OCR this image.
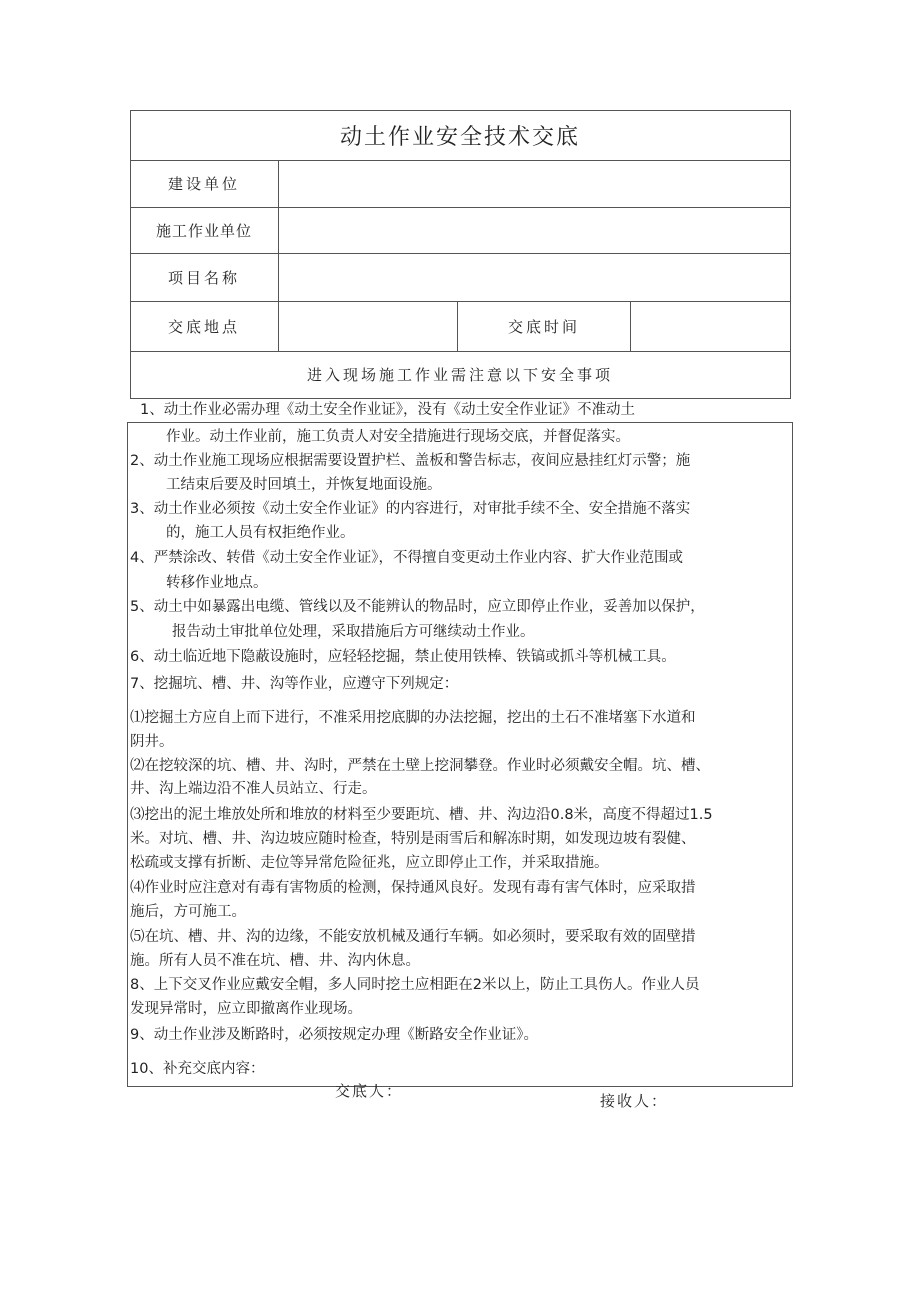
动土作业安全技术交底
建设单位
施工作业单位
项目名称
交底地点	交底时间
进入现场施工作业需注意以下安全事项
1、动土作业必需办理《动土安全作业证》，没有《动土安全作业证》不准动土
作业。动土作业前，施工负责人对安全措施进行现场交底，并督促落实。
2、动土作业施工现场应根据需要设置护栏、盖板和警告标志，夜间应悬挂红灯示警；施
工结束后要及时回填土，并恢复地面设施。
3、动土作业必须按《动土安全作业证》的内容进行，对审批手续不全、安全措施不落实
的，施工人员有权拒绝作业。
4、严禁涂改、转借《动土安全作业证》，不得擅自变更动土作业内容、扩大作业范围或
转移作业地点。
5、动土中如暴露出电缆、管线以及不能辨认的物品时，应立即停止作业，妥善加以保护，
报告动土审批单位处理，采取措施后方可继续动土作业。
6、动土临近地下隐蔽设施时，应轻轻挖掘，禁止使用铁棒、铁镐或抓斗等机械工具。
7、挖掘坑、槽、井、沟等作业，应遵守下列规定：
⑴挖掘土方应自上而下进行，不准采用挖底脚的办法挖掘，挖出的土石不准堵塞下水道和
阴井。
⑵在挖较深的坑、槽、井、沟时，严禁在土壁上挖洞攀登。作业时必须戴安全帽。坑、槽、
井、沟上端边沿不准人员站立、行走。
⑶挖出的泥土堆放处所和堆放的材料至少要距坑、槽、井、沟边沿0.8米，高度不得超过1.5
米。对坑、槽、井、沟边坡应随时检查，特别是雨雪后和解冻时期，如发现边坡有裂健、
松疏或支撑有折断、走位等异常危险征兆，应立即停止工作，并采取措施。
⑷作业时应注意对有毒有害物质的检测，保持通风良好。发现有毒有害气体时，应采取措
施后，方可施工。
⑸在坑、槽、井、沟的边缘，不能安放机械及通行车辆。如必须时，要采取有效的固壁措
施。所有人员不准在坑、槽、井、沟内休息。
8、上下交叉作业应戴安全帽，多人同时挖土应相距在2米以上，防止工具伤人。作业人员
发现异常时，应立即撤离作业现场。
9、动土作业涉及断路时，必须按规定办理《断路安全作业证》。
10、补充交底内容：
交底人：
接收人：
